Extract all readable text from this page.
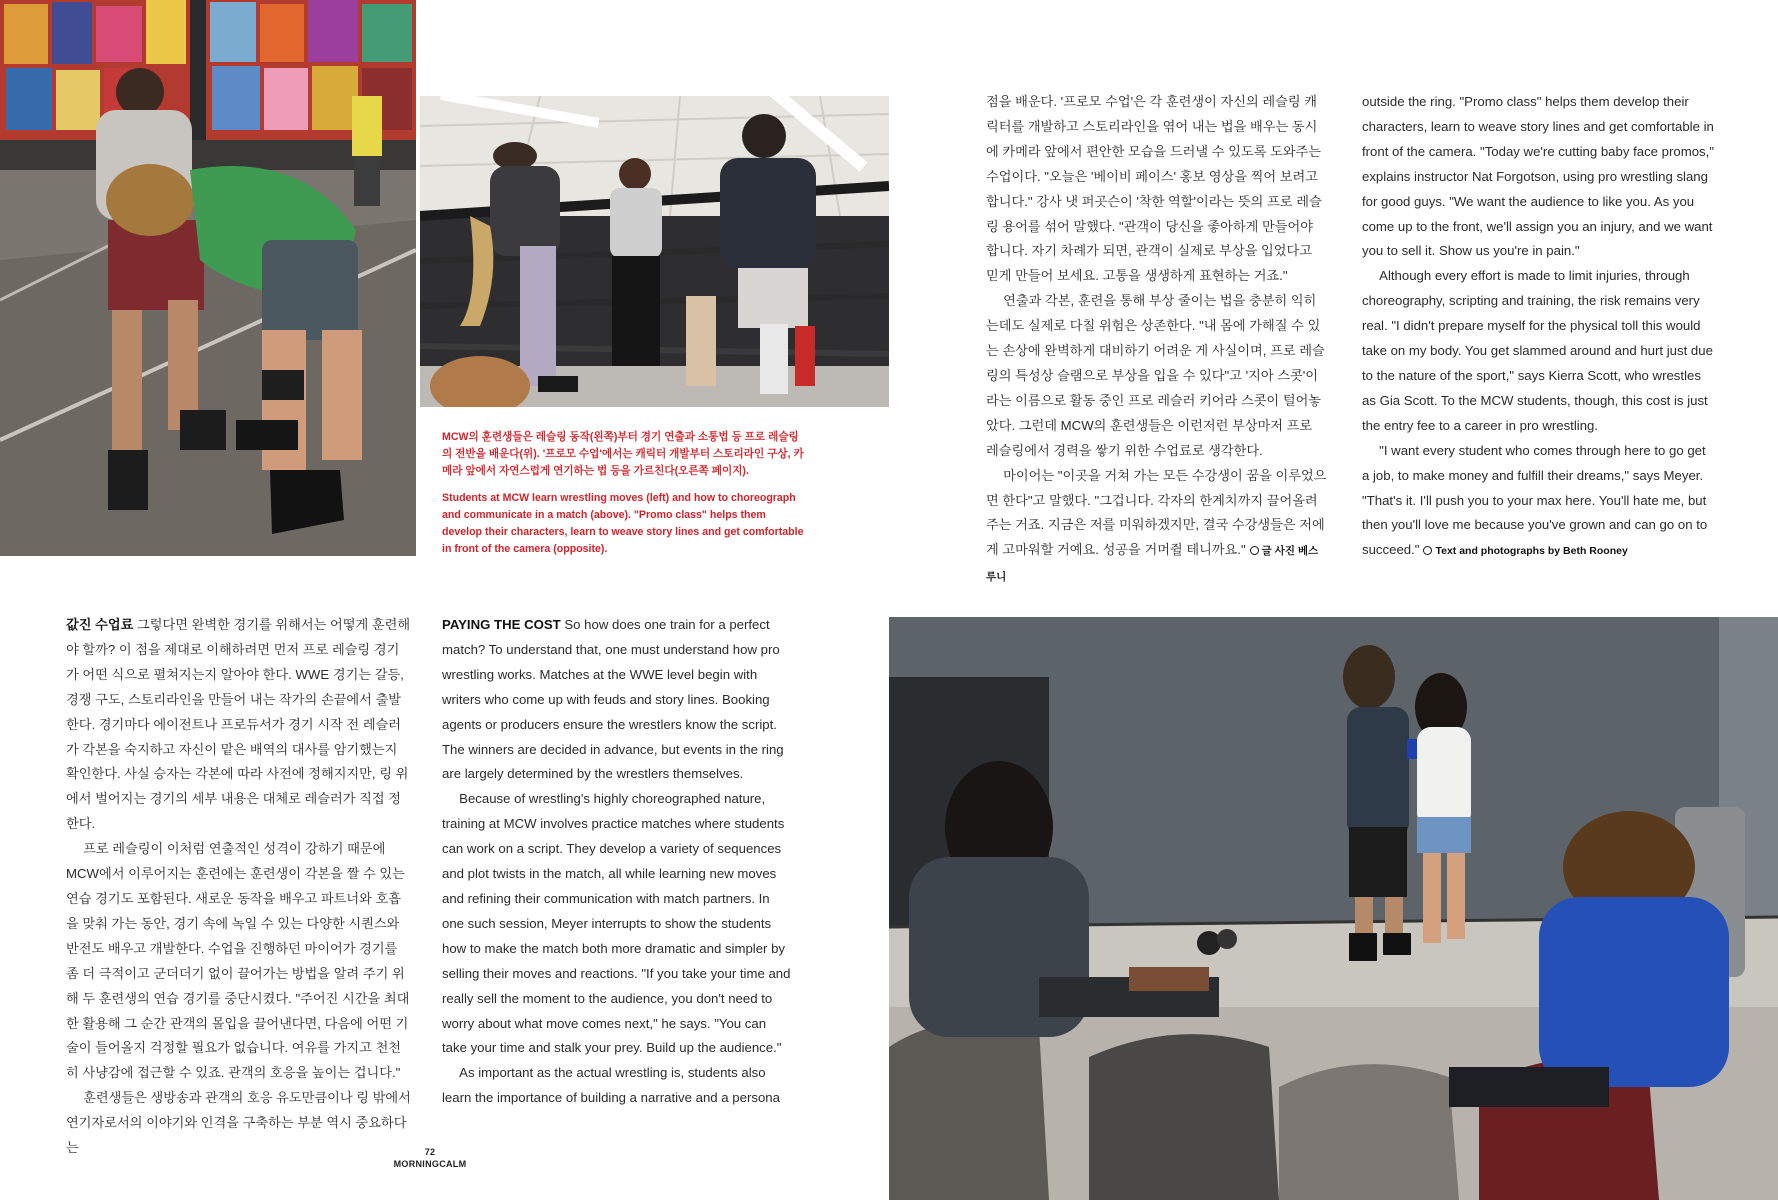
MCW의 훈련생들은 레슬링 동작(왼쪽)부터 경기 연출과 소통법 등 프로 레슬링의 전반을 배운다(위). '프로모 수업'에서는 캐릭터 개발부터 스토리라인 구상, 카메라 앞에서 자연스럽게 연기하는 법 등을 가르친다(오른쪽 페이지).

Students at MCW learn wrestling moves (left) and how to choreograph and communicate in a match (above). "Promo class" helps them develop their characters, learn to weave story lines and get comfortable in front of the camera (opposite).

값진 수업료 그렇다면 완벽한 경기를 위해서는 어떻게 훈련해야 할까? 이 점을 제대로 이해하려면 먼저 프로 레슬링 경기가 어떤 식으로 펼쳐지는지 알아야 한다. WWE 경기는 갈등, 경쟁 구도, 스토리라인을 만들어 내는 작가의 손끝에서 출발한다. 경기마다 에이전트나 프로듀서가 경기 시작 전 레슬러가 각본을 숙지하고 자신이 맡은 배역의 대사를 암기했는지 확인한다. 사실 승자는 각본에 따라 사전에 정해지지만, 링 위에서 벌어지는 경기의 세부 내용은 대체로 레슬러가 직접 정한다.

프로 레슬링이 이처럼 연출적인 성격이 강하기 때문에 MCW에서 이루어지는 훈련에는 훈련생이 각본을 짤 수 있는 연습 경기도 포함된다. 새로운 동작을 배우고 파트너와 호흡을 맞춰 가는 동안, 경기 속에 녹일 수 있는 다양한 시퀀스와 반전도 배우고 개발한다. 수업을 진행하던 마이어가 경기를 좀 더 극적이고 군더더기 없이 끌어가는 방법을 알려 주기 위해 두 훈련생의 연습 경기를 중단시켰다. "주어진 시간을 최대한 활용해 그 순간 관객의 몰입을 끌어낸다면, 다음에 어떤 기술이 들어올지 걱정할 필요가 없습니다. 여유를 가지고 천천히 사냥감에 접근할 수 있죠. 관객의 호응을 높이는 겁니다."

훈련생들은 생방송과 관객의 호응 유도만큼이나 링 밖에서 연기자로서의 이야기와 인격을 구축하는 부분 역시 중요하다는

PAYING THE COST So how does one train for a perfect match? To understand that, one must understand how pro wrestling works. Matches at the WWE level begin with writers who come up with feuds and story lines. Booking agents or producers ensure the wrestlers know the script. The winners are decided in advance, but events in the ring are largely determined by the wrestlers themselves.

Because of wrestling's highly choreographed nature, training at MCW involves practice matches where students can work on a script. They develop a variety of sequences and plot twists in the match, all while learning new moves and refining their communication with match partners. In one such session, Meyer interrupts to show the students how to make the match both more dramatic and simpler by selling their moves and reactions. "If you take your time and really sell the moment to the audience, you don't need to worry about what move comes next," he says. "You can take your time and stalk your prey. Build up the audience."

As important as the actual wrestling is, students also learn the importance of building a narrative and a persona

점을 배운다. '프로모 수업'은 각 훈련생이 자신의 레슬링 캐릭터를 개발하고 스토리라인을 엮어 내는 법을 배우는 동시에 카메라 앞에서 편안한 모습을 드러낼 수 있도록 도와주는 수업이다. "오늘은 '베이비 페이스' 홍보 영상을 찍어 보려고 합니다." 강사 냇 퍼곳슨이 '착한 역할'이라는 뜻의 프로 레슬링 용어를 섞어 말했다. "관객이 당신을 좋아하게 만들어야 합니다. 자기 차례가 되면, 관객이 실제로 부상을 입었다고 믿게 만들어 보세요. 고통을 생생하게 표현하는 거죠."

연출과 각본, 훈련을 통해 부상 줄이는 법을 충분히 익히는데도 실제로 다칠 위험은 상존한다. "내 몸에 가해질 수 있는 손상에 완벽하게 대비하기 어려운 게 사실이며, 프로 레슬링의 특성상 슬램으로 부상을 입을 수 있다"고 '지아 스콧'이라는 이름으로 활동 중인 프로 레슬러 키어라 스콧이 털어놓았다. 그런데 MCW의 훈련생들은 이런저런 부상마저 프로 레슬링에서 경력을 쌓기 위한 수업료로 생각한다.

마이어는 "이곳을 거쳐 가는 모든 수강생이 꿈을 이루었으면 한다"고 말했다. "그겁니다. 각자의 한계치까지 끌어올려 주는 거죠. 지금은 저를 미워하겠지만, 결국 수강생들은 저에게 고마워할 거예요. 성공을 거머쥘 테니까요." 글 사진 베스 루니

outside the ring. "Promo class" helps them develop their characters, learn to weave story lines and get comfortable in front of the camera. "Today we're cutting baby face promos," explains instructor Nat Forgotson, using pro wrestling slang for good guys. "We want the audience to like you. As you come up to the front, we'll assign you an injury, and we want you to sell it. Show us you're in pain."

Although every effort is made to limit injuries, through choreography, scripting and training, the risk remains very real. "I didn't prepare myself for the physical toll this would take on my body. You get slammed around and hurt just due to the nature of the sport," says Kierra Scott, who wrestles as Gia Scott. To the MCW students, though, this cost is just the entry fee to a career in pro wrestling.

"I want every student who comes through here to go get a job, to make money and fulfill their dreams," says Meyer. "That's it. I'll push you to your max here. You'll hate me, but then you'll love me because you've grown and can go on to succeed." Text and photographs by Beth Rooney

72
MORNINGCALM
